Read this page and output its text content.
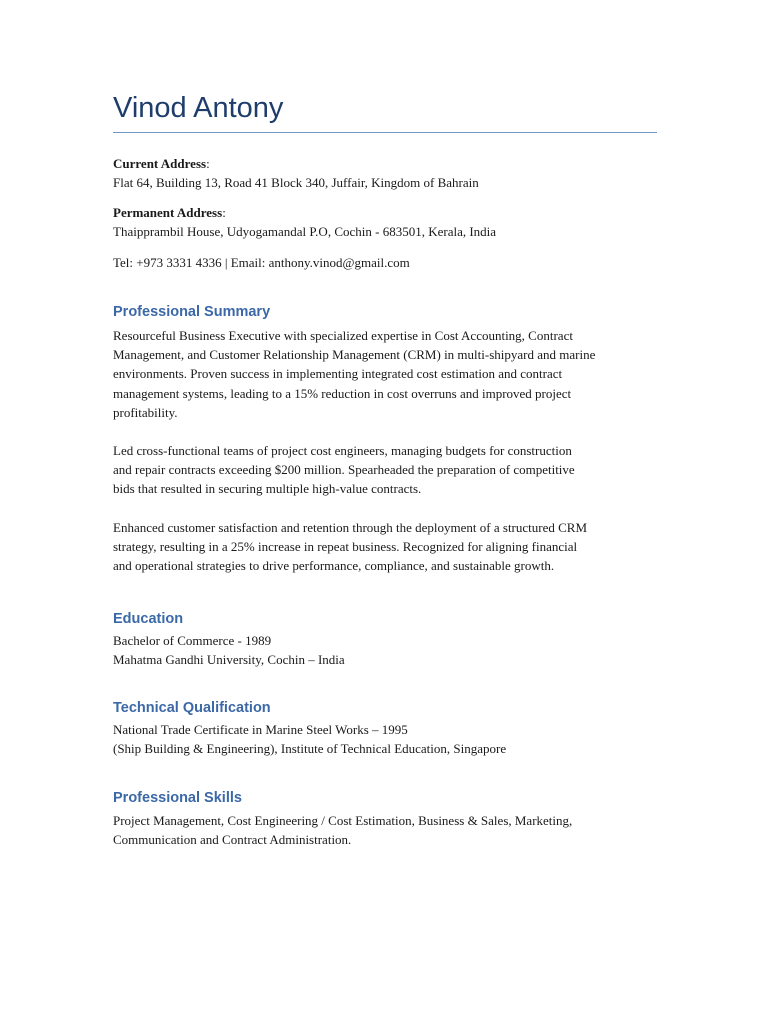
Vinod Antony
Current Address:
Flat 64, Building 13, Road 41 Block 340, Juffair, Kingdom of Bahrain
Permanent Address:
Thaipprambil House, Udyogamandal P.O, Cochin - 683501, Kerala, India
Tel: +973 3331 4336 | Email: anthony.vinod@gmail.com
Professional Summary

Resourceful Business Executive with specialized expertise in Cost Accounting, Contract
Management, and Customer Relationship Management (CRM) in multi-shipyard and marine
environments. Proven success in implementing integrated cost estimation and contract
management systems, leading to a 15% reduction in cost overruns and improved project
profitability.

Led cross-functional teams of project cost engineers, managing budgets for construction
and repair contracts exceeding $200 million. Spearheaded the preparation of competitive
bids that resulted in securing multiple high-value contracts.

Enhanced customer satisfaction and retention through the deployment of a structured CRM
strategy, resulting in a 25% increase in repeat business. Recognized for aligning financial
and operational strategies to drive performance, compliance, and sustainable growth.

Education
Bachelor of Commerce - 1989
Mahatma Gandhi University, Cochin – India
Technical Qualification
National Trade Certificate in Marine Steel Works – 1995
(Ship Building & Engineering), Institute of Technical Education, Singapore
Professional Skills

Project Management, Cost Engineering / Cost Estimation, Business & Sales, Marketing,
Communication and Contract Administration.
